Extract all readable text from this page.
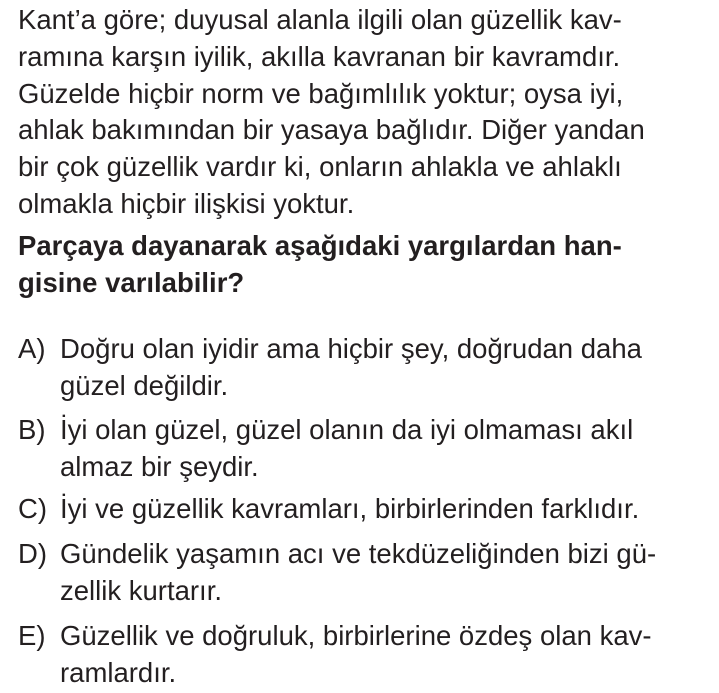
Kant’a göre; duyusal alanla ilgili olan güzellik kav-
ramına karşın iyilik, akılla kavranan bir kavramdır.
Güzelde hiçbir norm ve bağımlılık yoktur; oysa iyi,
ahlak bakımından bir yasaya bağlıdır. Diğer yandan
bir çok güzellik vardır ki, onların ahlakla ve ahlaklı
olmakla hiçbir ilişkisi yoktur.
Parçaya dayanarak aşağıdaki yargılardan han-
gisine varılabilir?
A) Doğru olan iyidir ama hiçbir şey, doğrudan daha
güzel değildir.
B) İyi olan güzel, güzel olanın da iyi olmaması akıl
almaz bir şeydir.
C) İyi ve güzellik kavramları, birbirlerinden farklıdır.
D) Gündelik yaşamın acı ve tekdüzeliğinden bizi gü-
zellik kurtarır.
E) Güzellik ve doğruluk, birbirlerine özdeş olan kav-
ramlardır.
